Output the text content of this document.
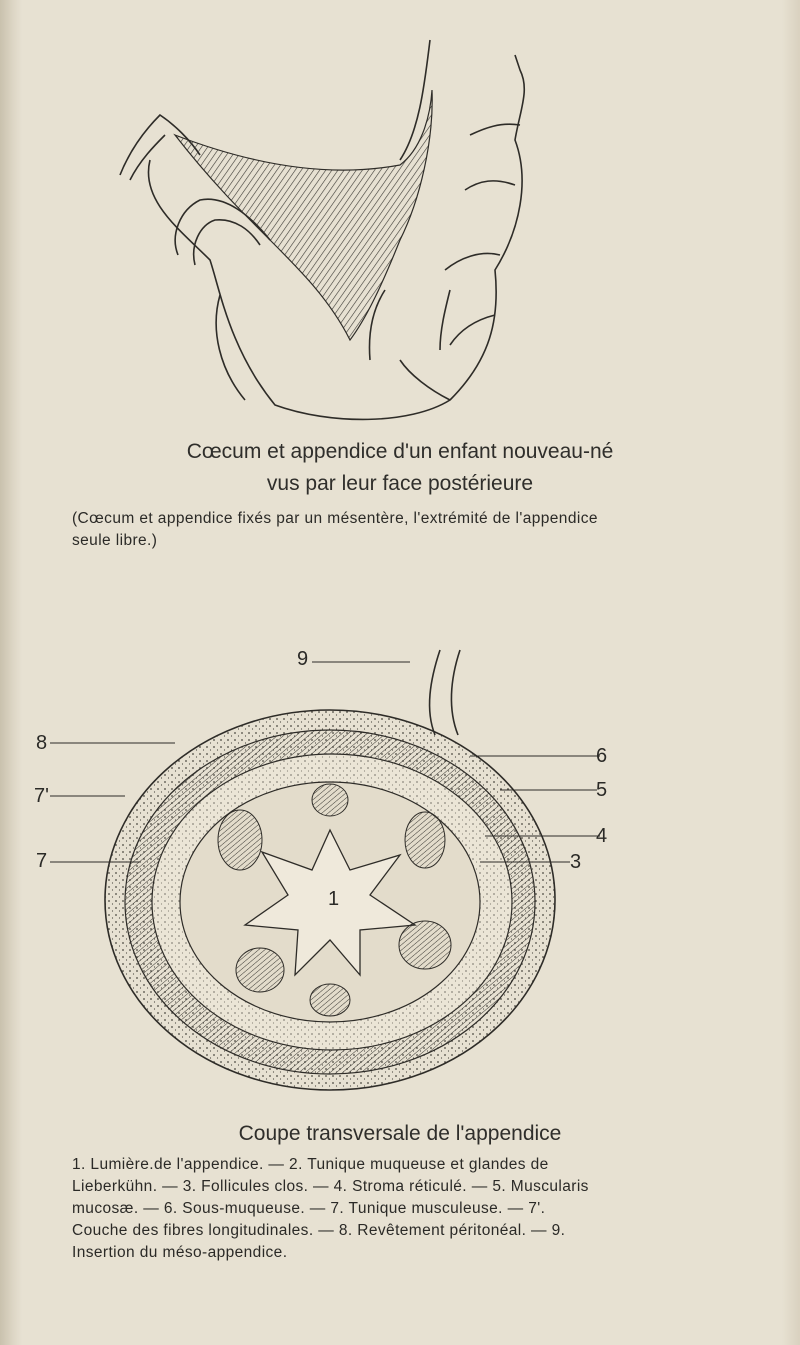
Cœcum et appendice d'un enfant nouveau-né
vus par leur face postérieure
(Cœcum et appendice fixés par un mésentère, l'extrémité de l'appendice seule libre.)
9
8
7'
7
6
5
4
3
1
Coupe transversale de l'appendice
1. Lumière.de l'appendice. — 2. Tunique muqueuse et glandes de Lieberkühn. — 3. Follicules clos. — 4. Stroma réticulé. — 5. Muscularis mucosæ. — 6. Sous-muqueuse. — 7. Tunique musculeuse. — 7'. Couche des fibres longitudinales. — 8. Revêtement péritonéal. — 9. Insertion du méso-appendice.
